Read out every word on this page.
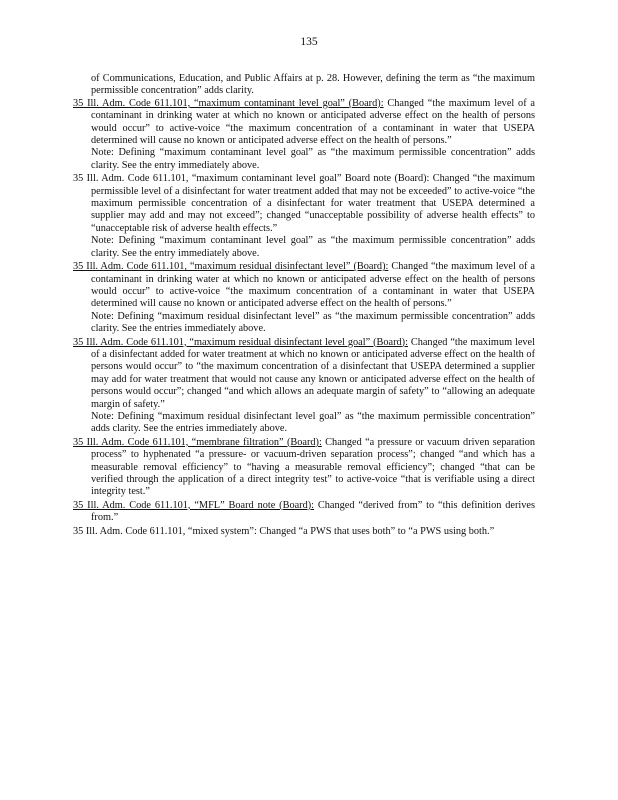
135

of Communications, Education, and Public Affairs at p. 28. However, defining the term as “the maximum permissible concentration” adds clarity.

35 Ill. Adm. Code 611.101, “maximum contaminant level goal” (Board): Changed “the maximum level of a contaminant in drinking water at which no known or anticipated adverse effect on the health of persons would occur” to active-voice “the maximum concentration of a contaminant in water that USEPA determined will cause no known or anticipated adverse effect on the health of persons.”

Note: Defining “maximum contaminant level goal” as “the maximum permissible concentration” adds clarity. See the entry immediately above.

35 Ill. Adm. Code 611.101, “maximum contaminant level goal” Board note (Board): Changed “the maximum permissible level of a disinfectant for water treatment added that may not be exceeded” to active-voice “the maximum permissible concentration of a disinfectant for water treatment that USEPA determined a supplier may add and may not exceed”; changed “unacceptable possibility of adverse health effects” to “unacceptable risk of adverse health effects.”

Note: Defining “maximum contaminant level goal” as “the maximum permissible concentration” adds clarity. See the entry immediately above.

35 Ill. Adm. Code 611.101, “maximum residual disinfectant level” (Board): Changed “the maximum level of a contaminant in drinking water at which no known or anticipated adverse effect on the health of persons would occur” to active-voice “the maximum concentration of a contaminant in water that USEPA determined will cause no known or anticipated adverse effect on the health of persons.”

Note: Defining “maximum residual disinfectant level” as “the maximum permissible concentration” adds clarity. See the entries immediately above.

35 Ill. Adm. Code 611.101, “maximum residual disinfectant level goal” (Board): Changed “the maximum level of a disinfectant added for water treatment at which no known or anticipated adverse effect on the health of persons would occur” to “the maximum concentration of a disinfectant that USEPA determined a supplier may add for water treatment that would not cause any known or anticipated adverse effect on the health of persons would occur”; changed “and which allows an adequate margin of safety” to “allowing an adequate margin of safety.”

Note: Defining “maximum residual disinfectant level goal” as “the maximum permissible concentration” adds clarity. See the entries immediately above.

35 Ill. Adm. Code 611.101, “membrane filtration” (Board): Changed “a pressure or vacuum driven separation process” to hyphenated “a pressure- or vacuum-driven separation process”; changed “and which has a measurable removal efficiency” to “having a measurable removal efficiency”; changed “that can be verified through the application of a direct integrity test” to active-voice “that is verifiable using a direct integrity test.”

35 Ill. Adm. Code 611.101, “MFL” Board note (Board): Changed “derived from” to “this definition derives from.”

35 Ill. Adm. Code 611.101, “mixed system”: Changed “a PWS that uses both” to “a PWS using both.”
